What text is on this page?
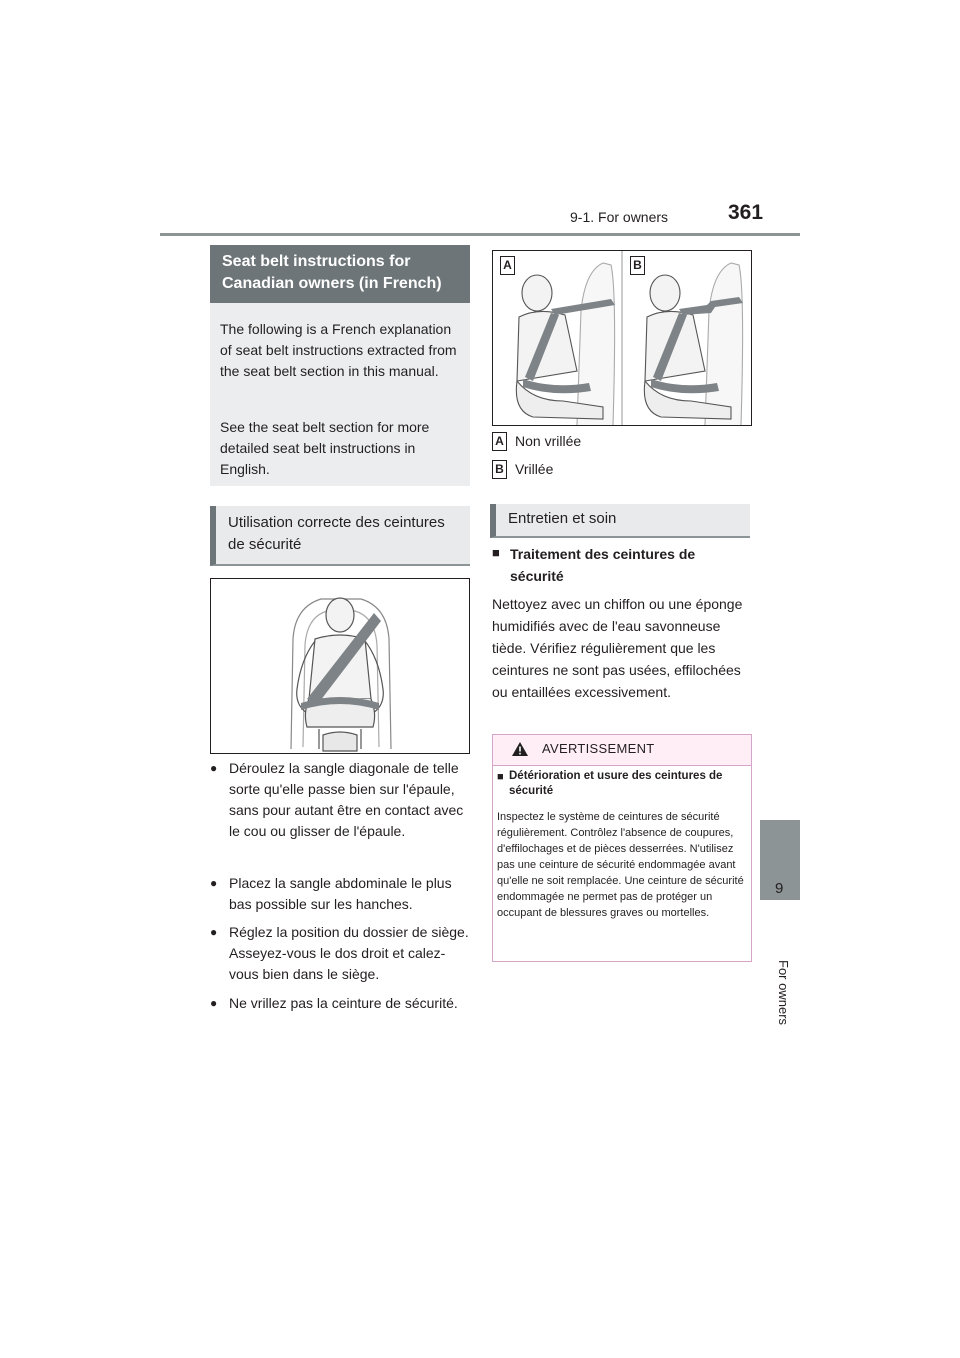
9-1. For owners	361
9
For owners
Seat belt instructions for Canadian owners (in French)

The following is a French explanation of seat belt instructions extracted from the seat belt section in this manual.

See the seat belt section for more detailed seat belt instructions in English.

Utilisation correcte des ceintures de sécurité
● Déroulez la sangle diagonale de telle sorte qu'elle passe bien sur l'épaule, sans pour autant être en contact avec le cou ou glisser de l'épaule.
● Placez la sangle abdominale le plus bas possible sur les hanches.
● Réglez la position du dossier de siège. Asseyez-vous le dos droit et calez-vous bien dans le siège.
● Ne vrillez pas la ceinture de sécurité.
A	B
A Non vrillée
B Vrillée
Entretien et soin
■ Traitement des ceintures de sécurité
Nettoyez avec un chiffon ou une éponge humidifiés avec de l'eau savonneuse tiède. Vérifiez régulièrement que les ceintures ne sont pas usées, effilochées ou entaillées excessivement.
AVERTISSEMENT
■ Détérioration et usure des ceintures de sécurité
Inspectez le système de ceintures de sécurité régulièrement. Contrôlez l'absence de coupures, d'effilochages et de pièces desserrées. N'utilisez pas une ceinture de sécurité endommagée avant qu'elle ne soit remplacée. Une ceinture de sécurité endommagée ne permet pas de protéger un occupant de blessures graves ou mortelles.
